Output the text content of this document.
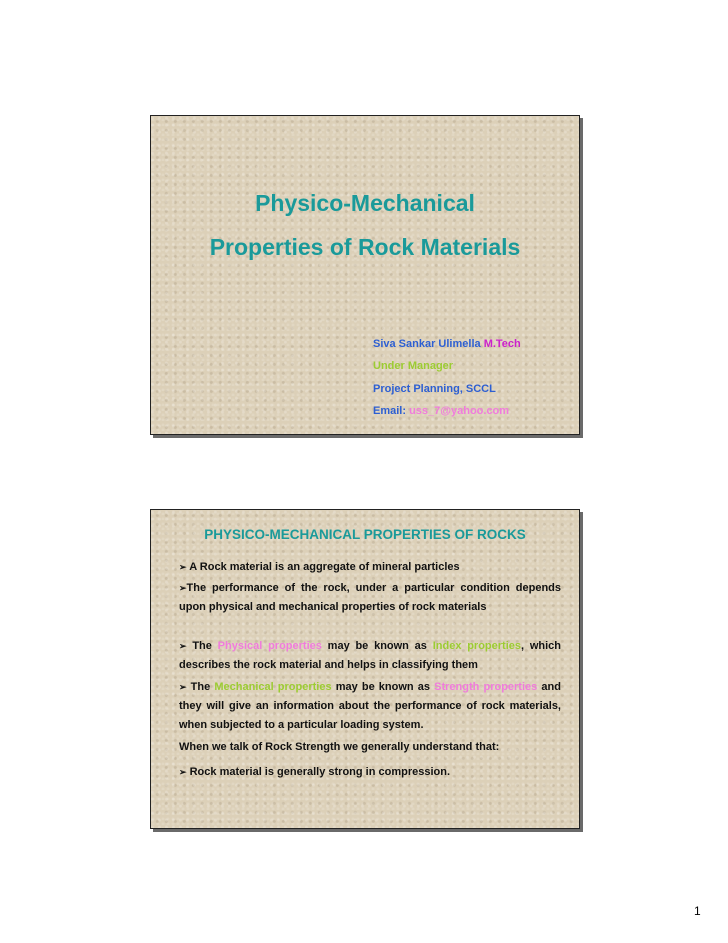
Physico-Mechanical
Properties of Rock Materials
Siva Sankar Ulimella M.Tech
Under Manager
Project Planning, SCCL
Email: uss_7@yahoo.com
PHYSICO-MECHANICAL PROPERTIES OF ROCKS
➢ A Rock material is an aggregate of mineral particles
➢The performance of the rock, under a particular condition depends upon physical and mechanical properties of rock materials
➢ The Physical properties may be known as Index properties, which describes the rock material and helps in classifying them
➢ The Mechanical properties may be known as Strength properties and they will give an information about the performance of rock materials, when subjected to a particular loading system.
When we talk of Rock Strength we generally understand that:
➢ Rock material is generally strong in compression.
1
